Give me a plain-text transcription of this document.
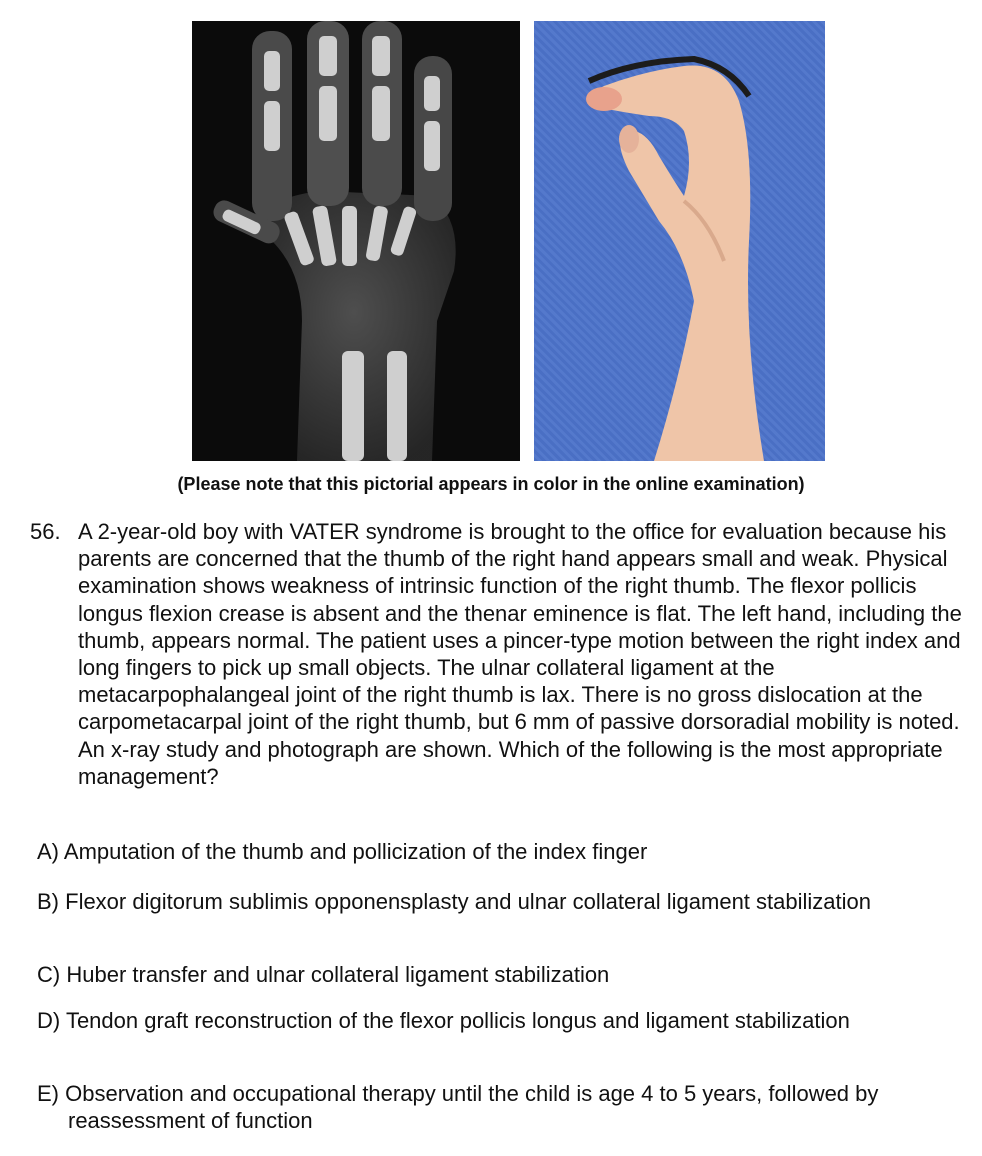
(Please note that this pictorial appears in color in the online examination)
56. A 2-year-old boy with VATER syndrome is brought to the office for evaluation because his parents are concerned that the thumb of the right hand appears small and weak. Physical examination shows weakness of intrinsic function of the right thumb. The flexor pollicis longus flexion crease is absent and the thenar eminence is flat. The left hand, including the thumb, appears normal. The patient uses a pincer-type motion between the right index and long fingers to pick up small objects. The ulnar collateral ligament at the metacarpophalangeal joint of the right thumb is lax. There is no gross dislocation at the carpometacarpal joint of the right thumb, but 6 mm of passive dorsoradial mobility is noted. An x-ray study and photograph are shown. Which of the following is the most appropriate management?
A) Amputation of the thumb and pollicization of the index finger
B) Flexor digitorum sublimis opponensplasty and ulnar collateral ligament stabilization
C) Huber transfer and ulnar collateral ligament stabilization
D) Tendon graft reconstruction of the flexor pollicis longus and ligament stabilization
E) Observation and occupational therapy until the child is age 4 to 5 years, followed by reassessment of function
